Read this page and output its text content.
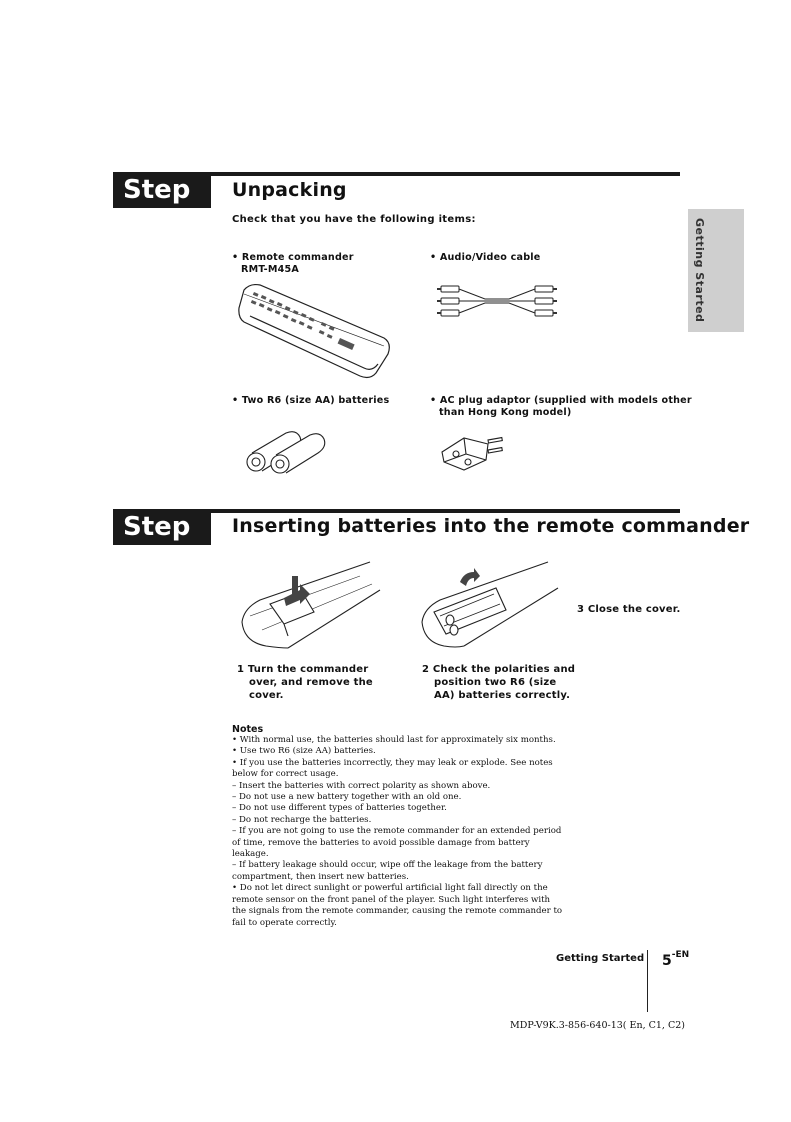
Step 1
Unpacking
Check that you have the following items:
• Remote commander
RMT-M45A
• Audio/Video cable
• Two R6 (size AA) batteries	• AC plug adaptor (supplied with models other
than Hong Kong model)
Getting Started
Step 2
Inserting batteries into the remote commander
3 Close the cover.
1 Turn the commander
over, and remove the
cover.
2 Check the polarities and
position two R6 (size
AA) batteries correctly.
Notes
• With normal use, the batteries should last for approximately six months.
• Use two R6 (size AA) batteries.
• If you use the batteries incorrectly, they may leak or explode. See notes
below for correct usage.
– Insert the batteries with correct polarity as shown above.
– Do not use a new battery together with an old one.
– Do not use different types of batteries together.
– Do not recharge the batteries.
– If you are not going to use the remote commander for an extended period
of time, remove the batteries to avoid possible damage from battery
leakage.
– If battery leakage should occur, wipe off the leakage from the battery
compartment, then insert new batteries.
• Do not let direct sunlight or powerful artificial light fall directly on the
remote sensor on the front panel of the player. Such light interferes with
the signals from the remote commander, causing the remote commander to
fail to operate correctly.
Getting Started $5^{-EN}$
MDP-V9K.3-856-640-13( En, C1, C2)
